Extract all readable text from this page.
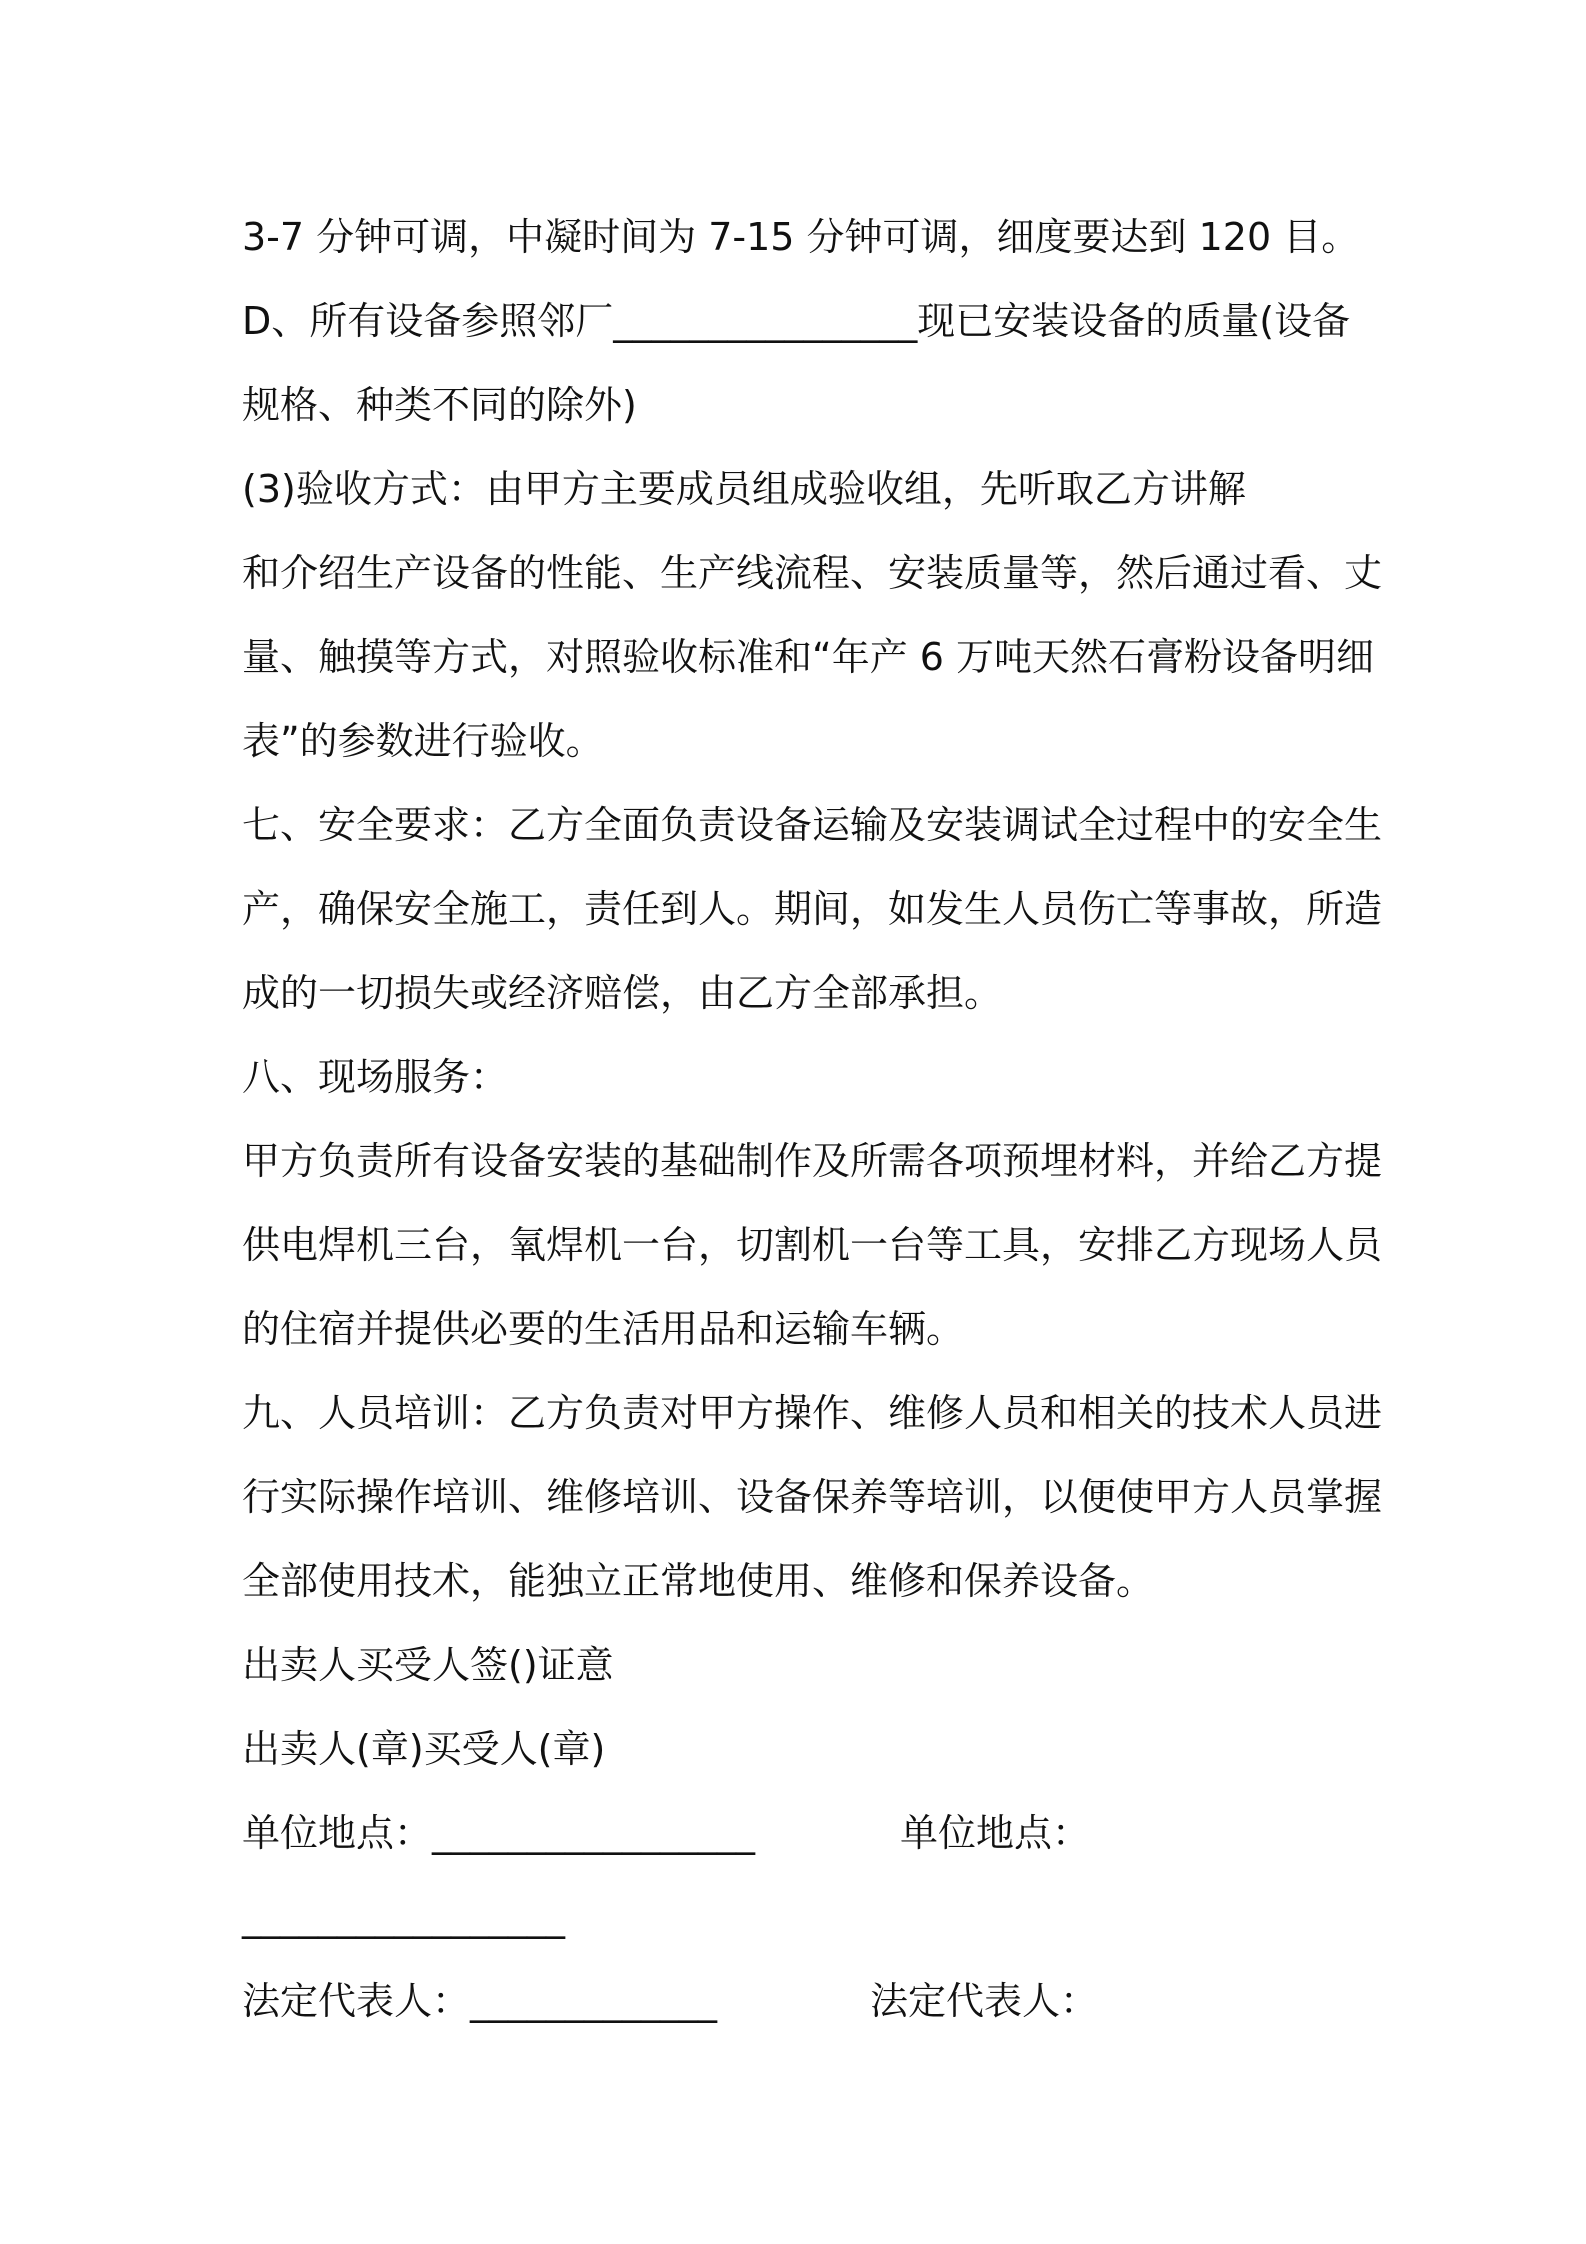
3-7 分钟可调，中凝时间为 7-15 分钟可调，细度要达到 120 目。
D、所有设备参照邻厂________________现已安装设备的质量(设备
规格、种类不同的除外)
(3)验收方式：由甲方主要成员组成验收组，先听取乙方讲解
和介绍生产设备的性能、生产线流程、安装质量等，然后通过看、丈
量、触摸等方式，对照验收标准和“年产 6 万吨天然石膏粉设备明细
表”的参数进行验收。
七、安全要求：乙方全面负责设备运输及安装调试全过程中的安全生
产，确保安全施工，责任到人。期间，如发生人员伤亡等事故，所造
成的一切损失或经济赔偿，由乙方全部承担。
八、现场服务：
甲方负责所有设备安装的基础制作及所需各项预埋材料，并给乙方提
供电焊机三台，氧焊机一台，切割机一台等工具，安排乙方现场人员
的住宿并提供必要的生活用品和运输车辆。
九、人员培训：乙方负责对甲方操作、维修人员和相关的技术人员进
行实际操作培训、维修培训、设备保养等培训，以便使甲方人员掌握
全部使用技术，能独立正常地使用、维修和保养设备。
出卖人买受人签()证意
出卖人(章)买受人(章)
单位地点：_________________	单位地点：
_________________
法定代表人：_____________	法定代表人：
